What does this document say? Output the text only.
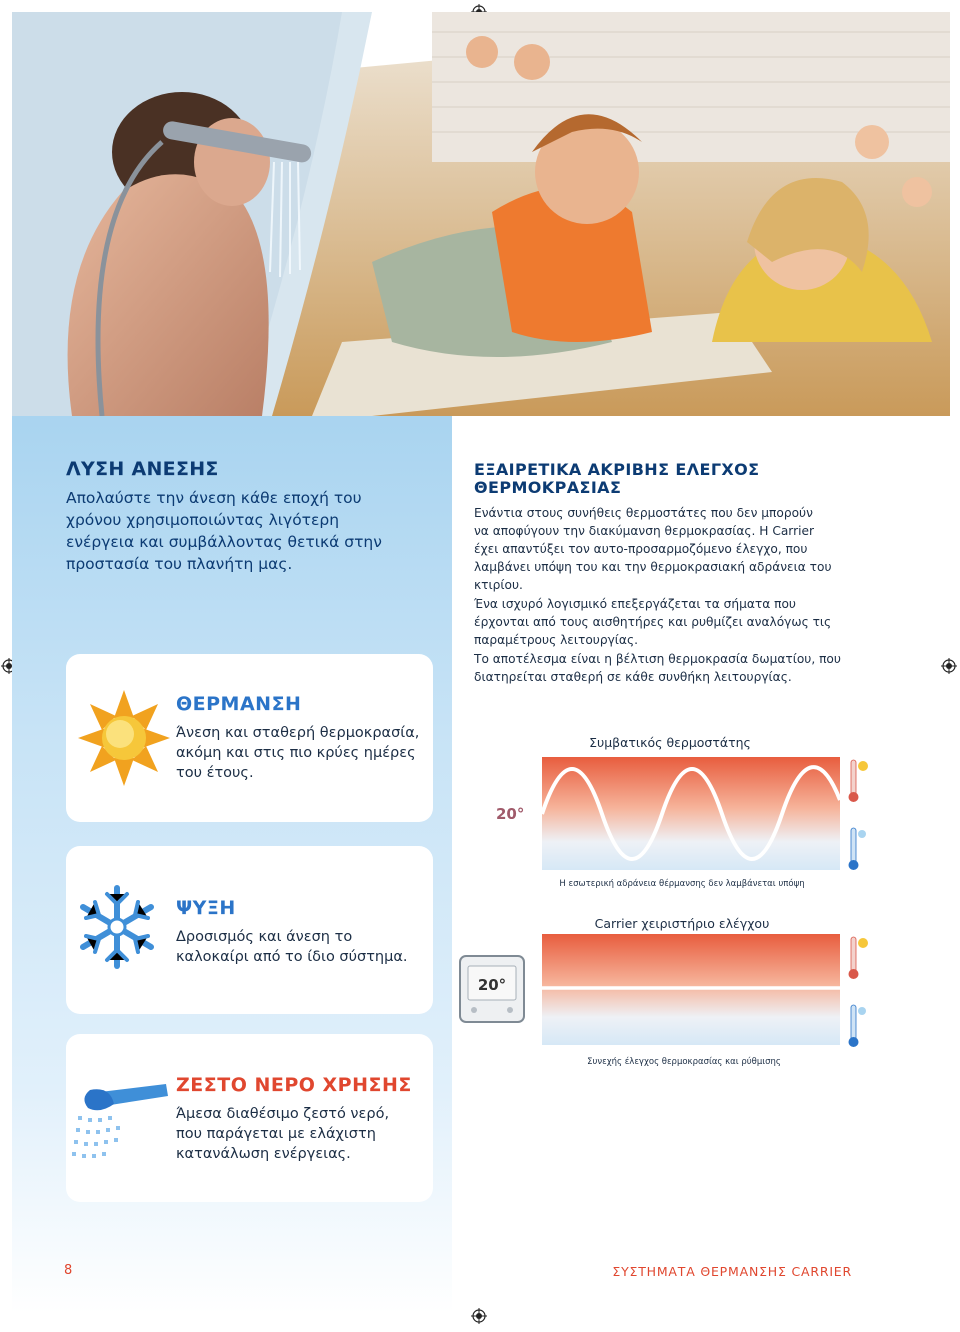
ΛΥΣΗ ΑΝΕΣΗΣ
Απολαύστε την άνεση κάθε εποχή του
χρόνου χρησιμοποιώντας λιγότερη
ενέργεια και συμβάλλοντας θετικά στην
προστασία του πλανήτη μας.
ΘΕΡΜΑΝΣΗ
Άνεση και σταθερή θερμοκρασία,
ακόμη και στις πιο κρύες ημέρες
του έτους.
ΨΥΞΗ
Δροσισμός και άνεση το
καλοκαίρι από το ίδιο σύστημα.
ΖΕΣΤΟ ΝΕΡΟ ΧΡΗΣΗΣ
Άμεσα διαθέσιμο ζεστό νερό,
που παράγεται με ελάχιστη
κατανάλωση ενέργειας.
ΕΞΑΙΡΕΤΙΚΑ ΑΚΡΙΒΗΣ ΕΛΕΓΧΟΣ
ΘΕΡΜΟΚΡΑΣΙΑΣ
Ενάντια στους συνήθεις θερμοστάτες που δεν μπορούν
να αποφύγουν την διακύμανση θερμοκρασίας. Η Carrier
έχει απαντύξει τον αυτο-προσαρμοζόμενο έλεγχο, που
λαμβάνει υπόψη του και την θερμοκρασιακή αδράνεια του
κτιρίου.
Ένα ισχυρό λογισμικό επεξεργάζεται τα σήματα που
έρχονται από τους αισθητήρες και ρυθμίζει αναλόγως τις
παραμέτρους λειτουργίας.
Το αποτέλεσμα είναι η βέλτιση θερμοκρασία δωματίου, που
διατηρείται σταθερή σε κάθε συνθήκη λειτουργίας.
Συμβατικός θερμοστάτης
20°
Η εσωτερική αδράνεια θέρμανσης δεν λαμβάνεται υπόψη
Carrier χειριστήριο ελέγχου
20°
Συνεχής έλεγχος θερμοκρασίας και ρύθμισης
8	ΣΥΣΤΗΜΑΤΑ ΘΕΡΜΑΝΣΗΣ CARRIER
